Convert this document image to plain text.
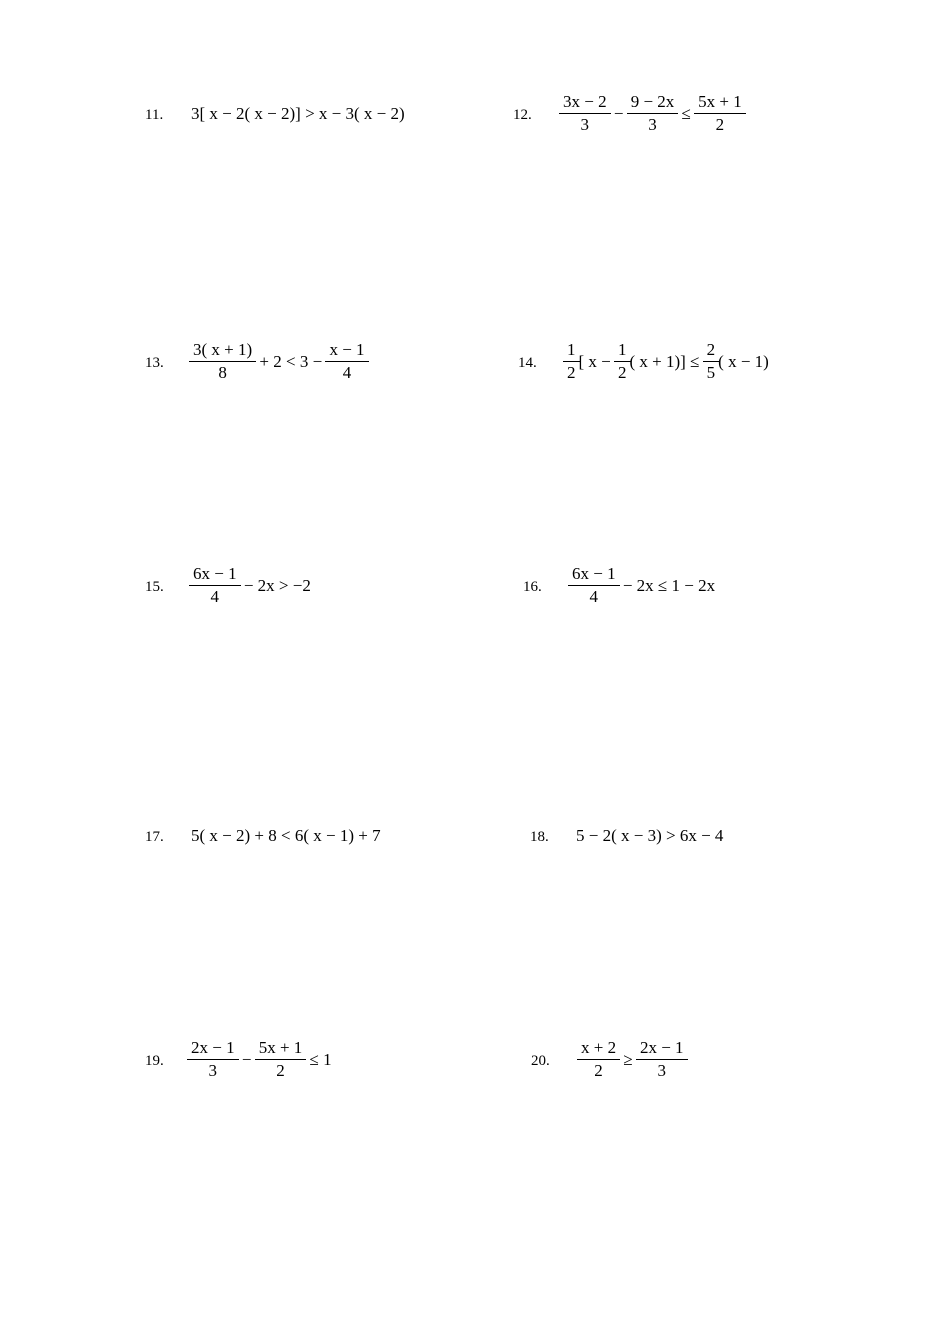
11. 3[ x − 2( x − 2)] > x − 3( x − 2)	12. $\frac{3x - 2}{3} - \frac{9 - 2x}{3} \le \frac{5x + 1}{2}$
13. $\frac{3( x + 1)}{8} + 2 < 3 - \frac{x - 1}{4}$	14. $\frac{1}{2}$ [ $x - \frac{1}{2}$ ( $x + 1)] \le \frac{2}{5}$ ( x − 1)
15. $\frac{6x - 1}{4} - 2x > -2$	16. $\frac{6x - 1}{4} - 2x \le 1 - 2x$
17. 5( x − 2) + 8 < 6( x − 1) + 7	18. 5 − 2( x − 3) > 6x − 4
19. $\frac{2x - 1}{3} - \frac{5x + 1}{2} \le 1$	20. $\frac{x + 2}{2} \ge \frac{2x - 1}{3}$
